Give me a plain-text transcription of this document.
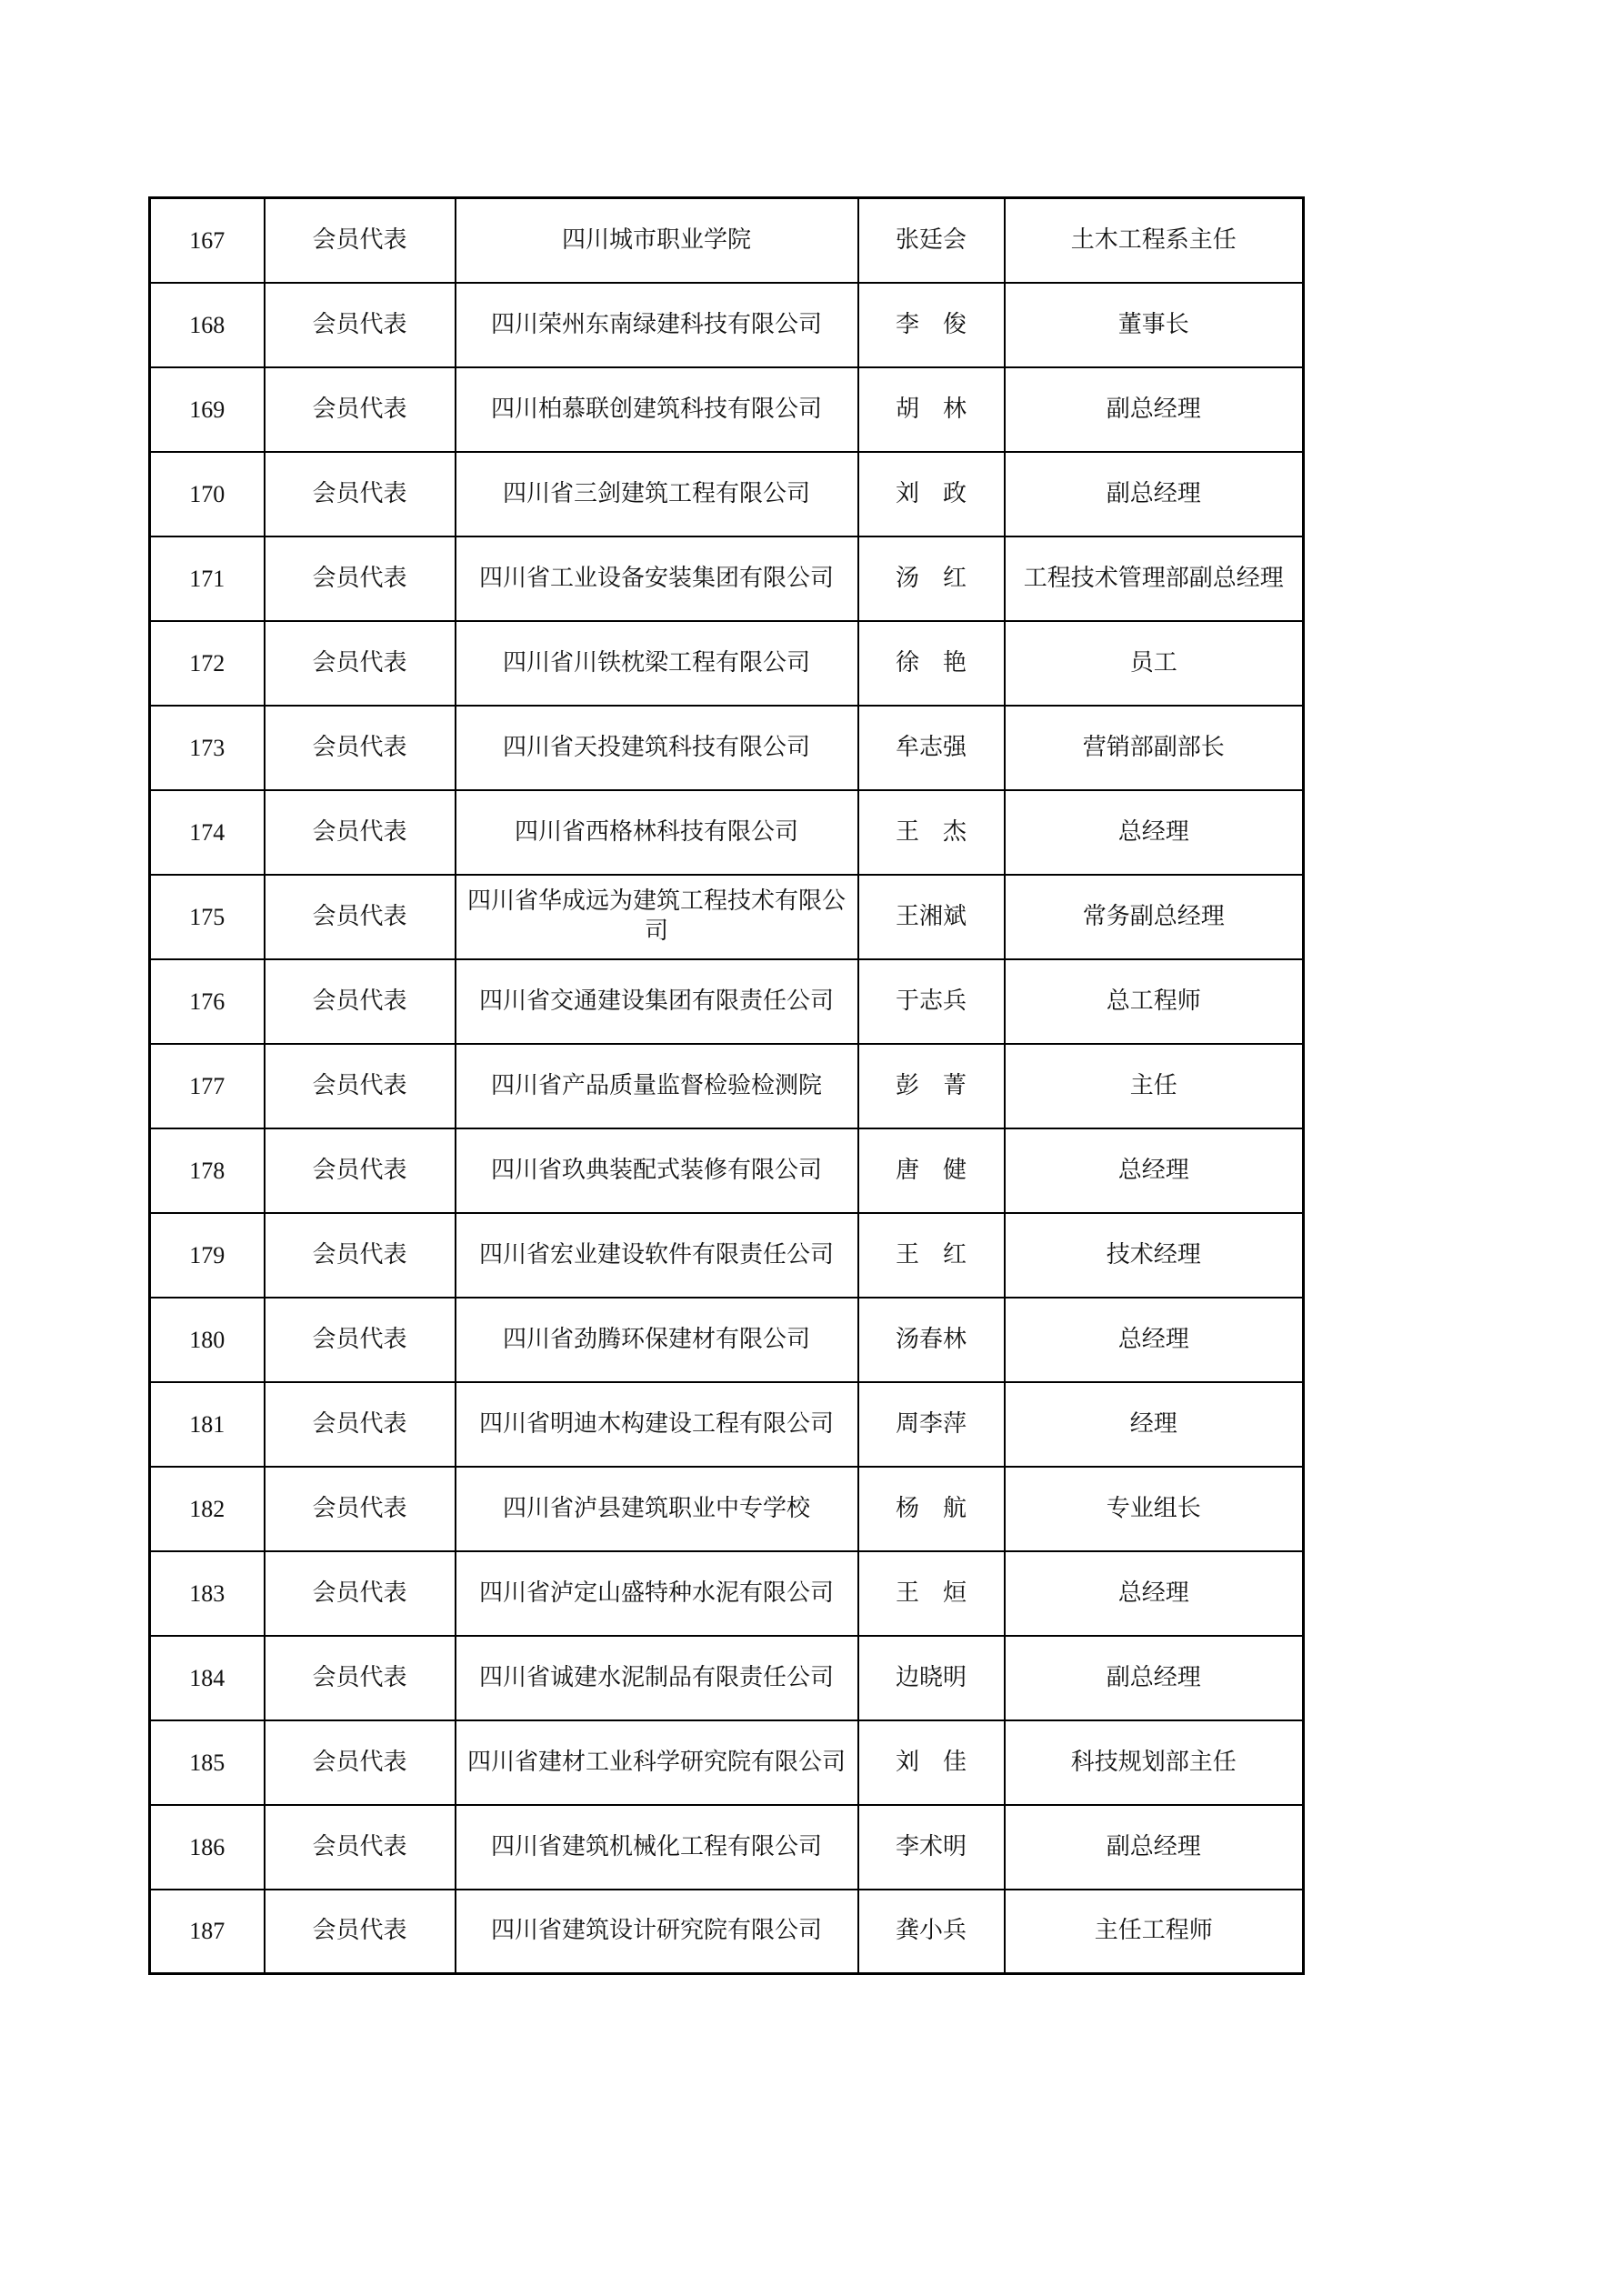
167	会员代表	四川城市职业学院	张廷会	土木工程系主任
168	会员代表	四川荣州东南绿建科技有限公司	李　俊	董事长
169	会员代表	四川柏慕联创建筑科技有限公司	胡　林	副总经理
170	会员代表	四川省三剑建筑工程有限公司	刘　政	副总经理
171	会员代表	四川省工业设备安装集团有限公司	汤　红	工程技术管理部副总经理
172	会员代表	四川省川铁枕梁工程有限公司	徐　艳	员工
173	会员代表	四川省天投建筑科技有限公司	牟志强	营销部副部长
174	会员代表	四川省西格林科技有限公司	王　杰	总经理
175	会员代表	四川省华成远为建筑工程技术有限公司	王湘斌	常务副总经理
176	会员代表	四川省交通建设集团有限责任公司	于志兵	总工程师
177	会员代表	四川省产品质量监督检验检测院	彭　菁	主任
178	会员代表	四川省玖典装配式装修有限公司	唐　健	总经理
179	会员代表	四川省宏业建设软件有限责任公司	王　红	技术经理
180	会员代表	四川省劲腾环保建材有限公司	汤春林	总经理
181	会员代表	四川省明迪木构建设工程有限公司	周李萍	经理
182	会员代表	四川省泸县建筑职业中专学校	杨　航	专业组长
183	会员代表	四川省泸定山盛特种水泥有限公司	王　烜	总经理
184	会员代表	四川省诚建水泥制品有限责任公司	边晓明	副总经理
185	会员代表	四川省建材工业科学研究院有限公司	刘　佳	科技规划部主任
186	会员代表	四川省建筑机械化工程有限公司	李术明	副总经理
187	会员代表	四川省建筑设计研究院有限公司	龚小兵	主任工程师
